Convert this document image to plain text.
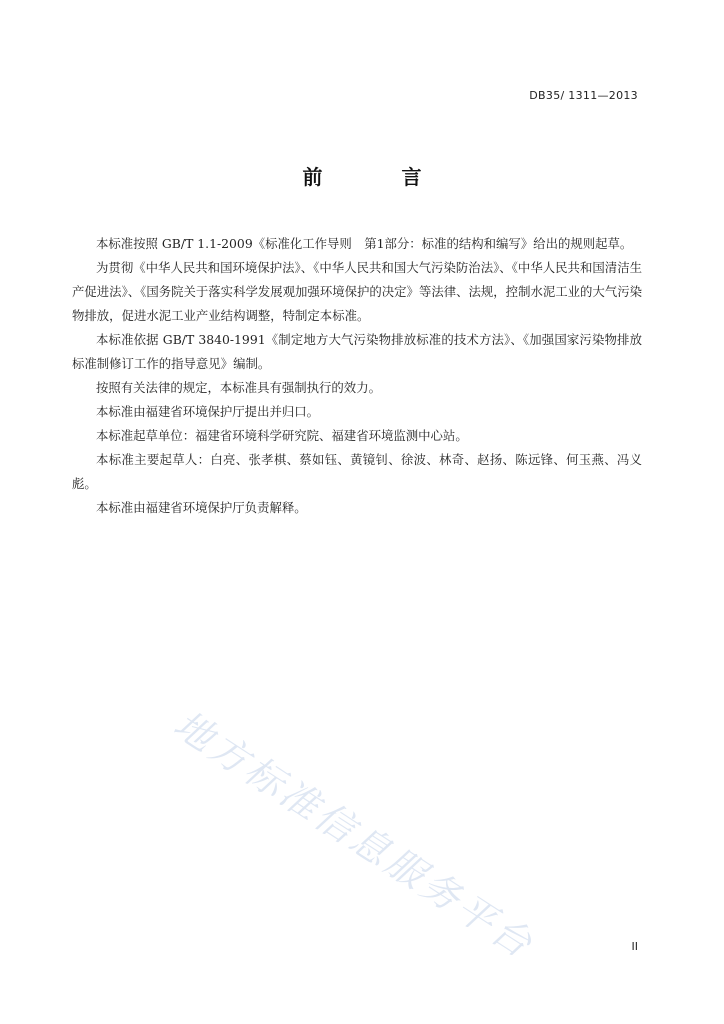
DB35/ 1311—2013
前 言

本标准按照 GB/T 1.1-2009《标准化工作导则　第1部分：标准的结构和编写》给出的规则起草。

为贯彻《中华人民共和国环境保护法》、《中华人民共和国大气污染防治法》、《中华人民共和国清洁生产促进法》、《国务院关于落实科学发展观加强环境保护的决定》等法律、法规，控制水泥工业的大气污染物排放，促进水泥工业产业结构调整，特制定本标准。

本标准依据 GB/T 3840-1991《制定地方大气污染物排放标准的技术方法》、《加强国家污染物排放标准制修订工作的指导意见》编制。

按照有关法律的规定，本标准具有强制执行的效力。

本标准由福建省环境保护厅提出并归口。

本标准起草单位：福建省环境科学研究院、福建省环境监测中心站。

本标准主要起草人：白亮、张孝棋、蔡如钰、黄镜钊、徐波、林奇、赵扬、陈远锋、何玉燕、冯义彪。

本标准由福建省环境保护厅负责解释。

地方标准信息服务平台	II
